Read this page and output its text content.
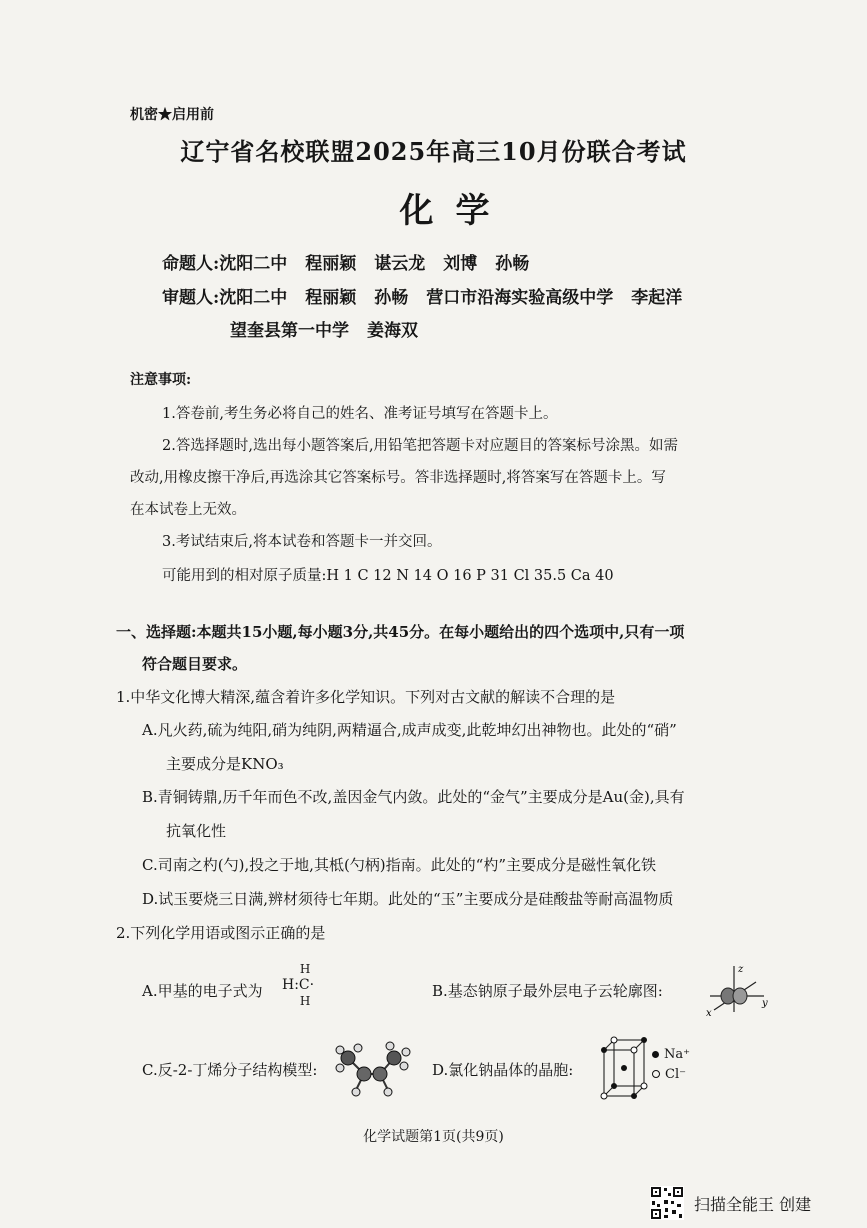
机密★启用前
辽宁省名校联盟2025年高三10月份联合考试
化学
命题人:沈阳二中 程丽颖 谌云龙 刘博 孙畅
审题人:沈阳二中 程丽颖 孙畅 营口市沿海实验高级中学 李起洋
望奎县第一中学 姜海双
注意事项:
1.答卷前,考生务必将自己的姓名、准考证号填写在答题卡上。
2.答选择题时,选出每小题答案后,用铅笔把答题卡对应题目的答案标号涂黑。如需
改动,用橡皮擦干净后,再选涂其它答案标号。答非选择题时,将答案写在答题卡上。写
在本试卷上无效。
3.考试结束后,将本试卷和答题卡一并交回。
可能用到的相对原子质量:H 1 C 12 N 14 O 16 P 31 Cl 35.5 Ca 40
一、选择题:本题共15小题,每小题3分,共45分。在每小题给出的四个选项中,只有一项
符合题目要求。
1.中华文化博大精深,蕴含着许多化学知识。下列对古文献的解读不合理的是
A.凡火药,硫为纯阳,硝为纯阴,两精逼合,成声成变,此乾坤幻出神物也。此处的“硝”
主要成分是KNO₃
B.青铜铸鼎,历千年而色不改,盖因金气内敛。此处的“金气”主要成分是Au(金),具有
抗氧化性
C.司南之杓(勺),投之于地,其柢(勺柄)指南。此处的“杓”主要成分是磁性氧化铁
D.试玉要烧三日满,辨材须待七年期。此处的“玉”主要成分是硅酸盐等耐高温物质
2.下列化学用语或图示正确的是
A.甲基的电子式为
H
H:C·
H
B.基态钠原子最外层电子云轮廓图:
z
y
x
C.反-2-丁烯分子结构模型:	D.氯化钠晶体的晶胞:
Na⁺
Cl⁻
化学试题第1页(共9页)
扫描全能王 创建
